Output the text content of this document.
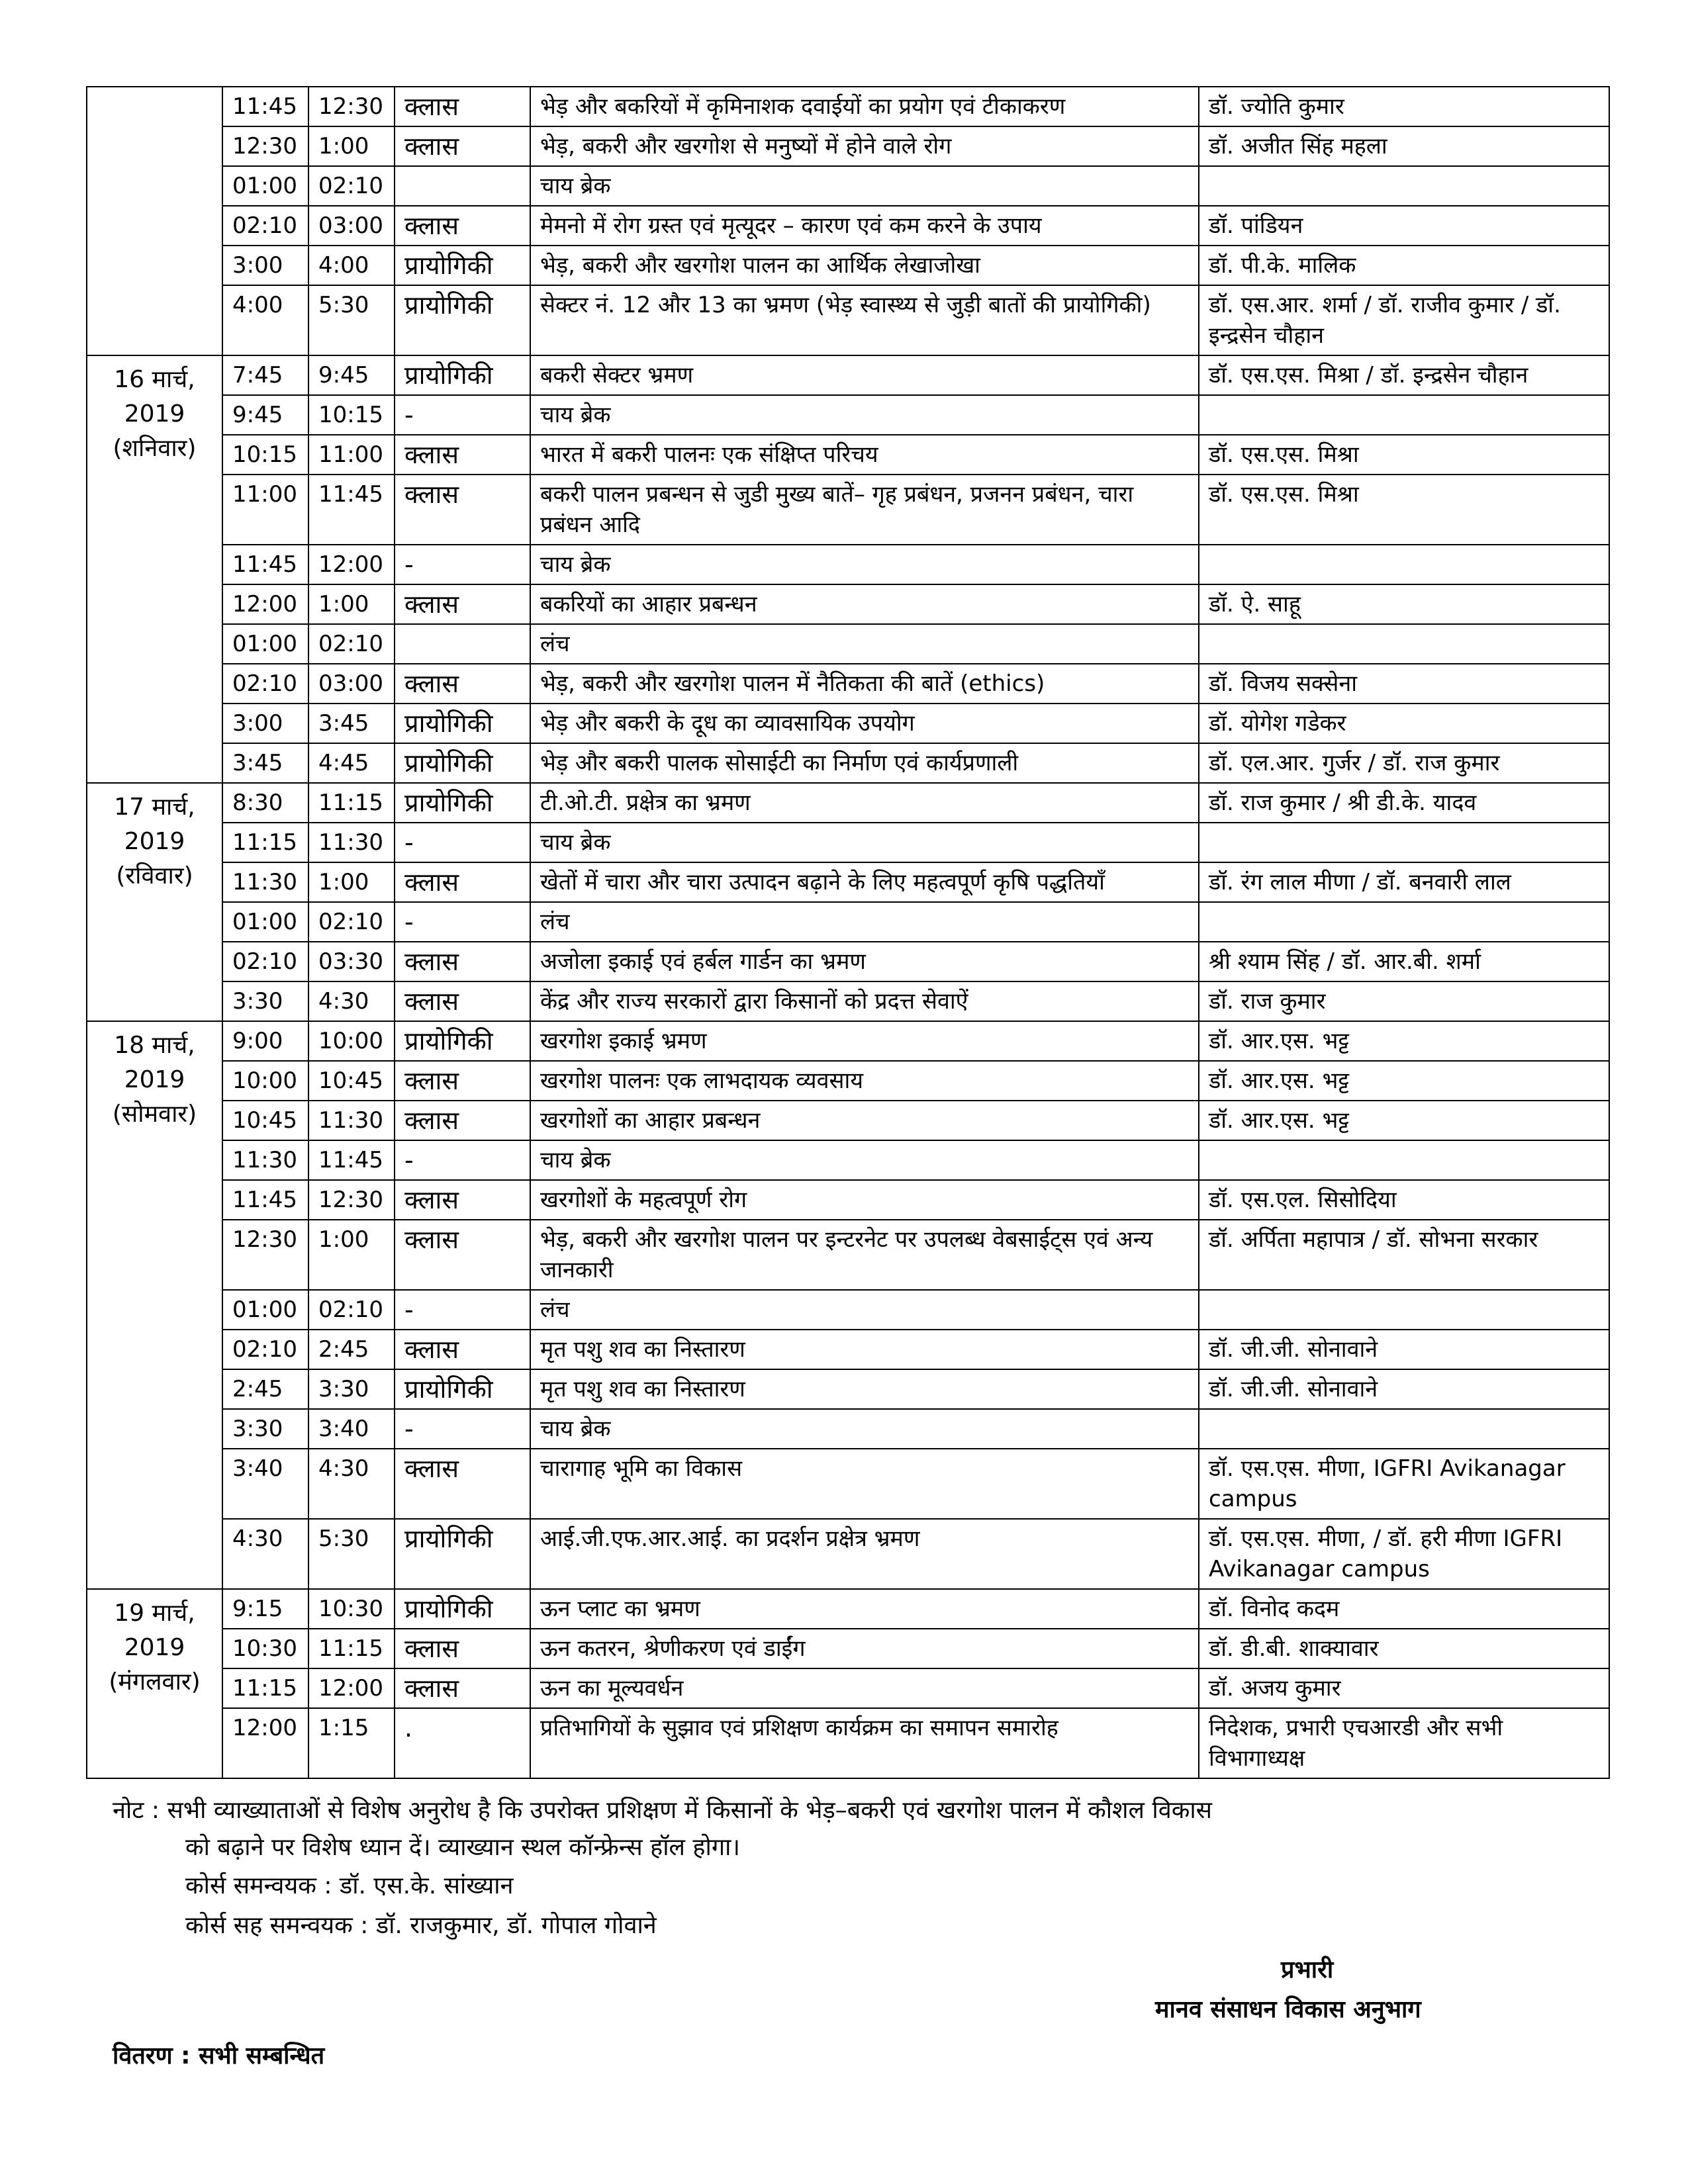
	11:45	12:30	क्लास	भेड़ और बकरियों में कृमिनाशक दवाईयों का प्रयोग एवं टीकाकरण	डॉ. ज्योति कुमार
	12:30	1:00	क्लास	भेड़, बकरी और खरगोश से मनुष्यों में होने वाले रोग	डॉ. अजीत सिंह महला
	01:00	02:10		चाय ब्रेक	
	02:10	03:00	क्लास	मेमनो में रोग ग्रस्त एवं मृत्यूदर – कारण एवं कम करने के उपाय	डॉ. पांडियन
	3:00	4:00	प्रायोगिकी	भेड़, बकरी और खरगोश पालन का आर्थिक लेखाजोखा	डॉ. पी.के. मालिक
	4:00	5:30	प्रायोगिकी	सेक्टर नं. 12 और 13 का भ्रमण (भेड़ स्वास्थ्य से जुड़ी बातों की प्रायोगिकी)	डॉ. एस.आर. शर्मा / डॉ. राजीव कुमार / डॉ. इन्द्रसेन चौहान

16 मार्च,
2019
(शनिवार)	7:45	9:45	प्रायोगिकी	बकरी सेक्टर भ्रमण	डॉ. एस.एस. मिश्रा / डॉ. इन्द्रसेन चौहान
	9:45	10:15	-	चाय ब्रेक	
	10:15	11:00	क्लास	भारत में बकरी पालनः एक संक्षिप्त परिचय	डॉ. एस.एस. मिश्रा
	11:00	11:45	क्लास	बकरी पालन प्रबन्धन से जुडी मुख्य बातें– गृह प्रबंधन, प्रजनन प्रबंधन, चारा प्रबंधन आदि	डॉ. एस.एस. मिश्रा
	11:45	12:00	-	चाय ब्रेक	
	12:00	1:00	क्लास	बकरियों का आहार प्रबन्धन	डॉ. ऐ. साहू
	01:00	02:10		लंच	
	02:10	03:00	क्लास	भेड़, बकरी और खरगोश पालन में नैतिकता की बातें (ethics)	डॉ. विजय सक्सेना
	3:00	3:45	प्रायोगिकी	भेड़ और बकरी के दूध का व्यावसायिक उपयोग	डॉ. योगेश गडेकर
	3:45	4:45	प्रायोगिकी	भेड़ और बकरी पालक सोसाईटी का निर्माण एवं कार्यप्रणाली	डॉ. एल.आर. गुर्जर / डॉ. राज कुमार

17 मार्च,
2019
(रविवार)	8:30	11:15	प्रायोगिकी	टी.ओ.टी. प्रक्षेत्र का भ्रमण	डॉ. राज कुमार / श्री डी.के. यादव
	11:15	11:30	-	चाय ब्रेक	
	11:30	1:00	क्लास	खेतों में चारा और चारा उत्पादन बढ़ाने के लिए महत्वपूर्ण कृषि पद्धतियाँ	डॉ. रंग लाल मीणा / डॉ. बनवारी लाल
	01:00	02:10	-	लंच	
	02:10	03:30	क्लास	अजोला इकाई एवं हर्बल गार्डन का भ्रमण	श्री श्याम सिंह / डॉ. आर.बी. शर्मा
	3:30	4:30	क्लास	केंद्र और राज्य सरकारों द्वारा किसानों को प्रदत्त सेवाऐं	डॉ. राज कुमार

18 मार्च,
2019
(सोमवार)	9:00	10:00	प्रायोगिकी	खरगोश इकाई भ्रमण	डॉ. आर.एस. भट्ट
	10:00	10:45	क्लास	खरगोश पालनः एक लाभदायक व्यवसाय	डॉ. आर.एस. भट्ट
	10:45	11:30	क्लास	खरगोशों का आहार प्रबन्धन	डॉ. आर.एस. भट्ट
	11:30	11:45	-	चाय ब्रेक	
	11:45	12:30	क्लास	खरगोशों के महत्वपूर्ण रोग	डॉ. एस.एल. सिसोदिया
	12:30	1:00	क्लास	भेड़, बकरी और खरगोश पालन पर इन्टरनेट पर उपलब्ध वेबसाईट्स एवं अन्य जानकारी	डॉ. अर्पिता महापात्र / डॉ. सोभना सरकार
	01:00	02:10	-	लंच	
	02:10	2:45	क्लास	मृत पशु शव का निस्तारण	डॉ. जी.जी. सोनावाने
	2:45	3:30	प्रायोगिकी	मृत पशु शव का निस्तारण	डॉ. जी.जी. सोनावाने
	3:30	3:40	-	चाय ब्रेक	
	3:40	4:30	क्लास	चारागाह भूमि का विकास	डॉ. एस.एस. मीणा, IGFRI Avikanagar campus
	4:30	5:30	प्रायोगिकी	आई.जी.एफ.आर.आई. का प्रदर्शन प्रक्षेत्र भ्रमण	डॉ. एस.एस. मीणा, / डॉ. हरी मीणा IGFRI Avikanagar campus

19 मार्च,
2019
(मंगलवार)	9:15	10:30	प्रायोगिकी	ऊन प्लाट का भ्रमण	डॉ. विनोद कदम
	10:30	11:15	क्लास	ऊन कतरन, श्रेणीकरण एवं डाईंग	डॉ. डी.बी. शाक्यावार
	11:15	12:00	क्लास	ऊन का मूल्यवर्धन	डॉ. अजय कुमार
	12:00	1:15	.	प्रतिभागियों के सुझाव एवं प्रशिक्षण कार्यक्रम का समापन समारोह	निदेशक, प्रभारी एचआरडी और सभी विभागाध्यक्ष
नोट : सभी व्याख्याताओं से विशेष अनुरोध है कि उपरोक्त प्रशिक्षण में किसानों के भेड़–बकरी एवं खरगोश पालन में कौशल विकास
को बढ़ाने पर विशेष ध्यान दें। व्याख्यान स्थल कॉन्फ्रेन्स हॉल होगा।
कोर्स समन्वयक : डॉ. एस.के. सांख्यान
कोर्स सह समन्वयक : डॉ. राजकुमार, डॉ. गोपाल गोवाने
प्रभारी
मानव संसाधन विकास अनुभाग
वितरण : सभी सम्बन्धित
